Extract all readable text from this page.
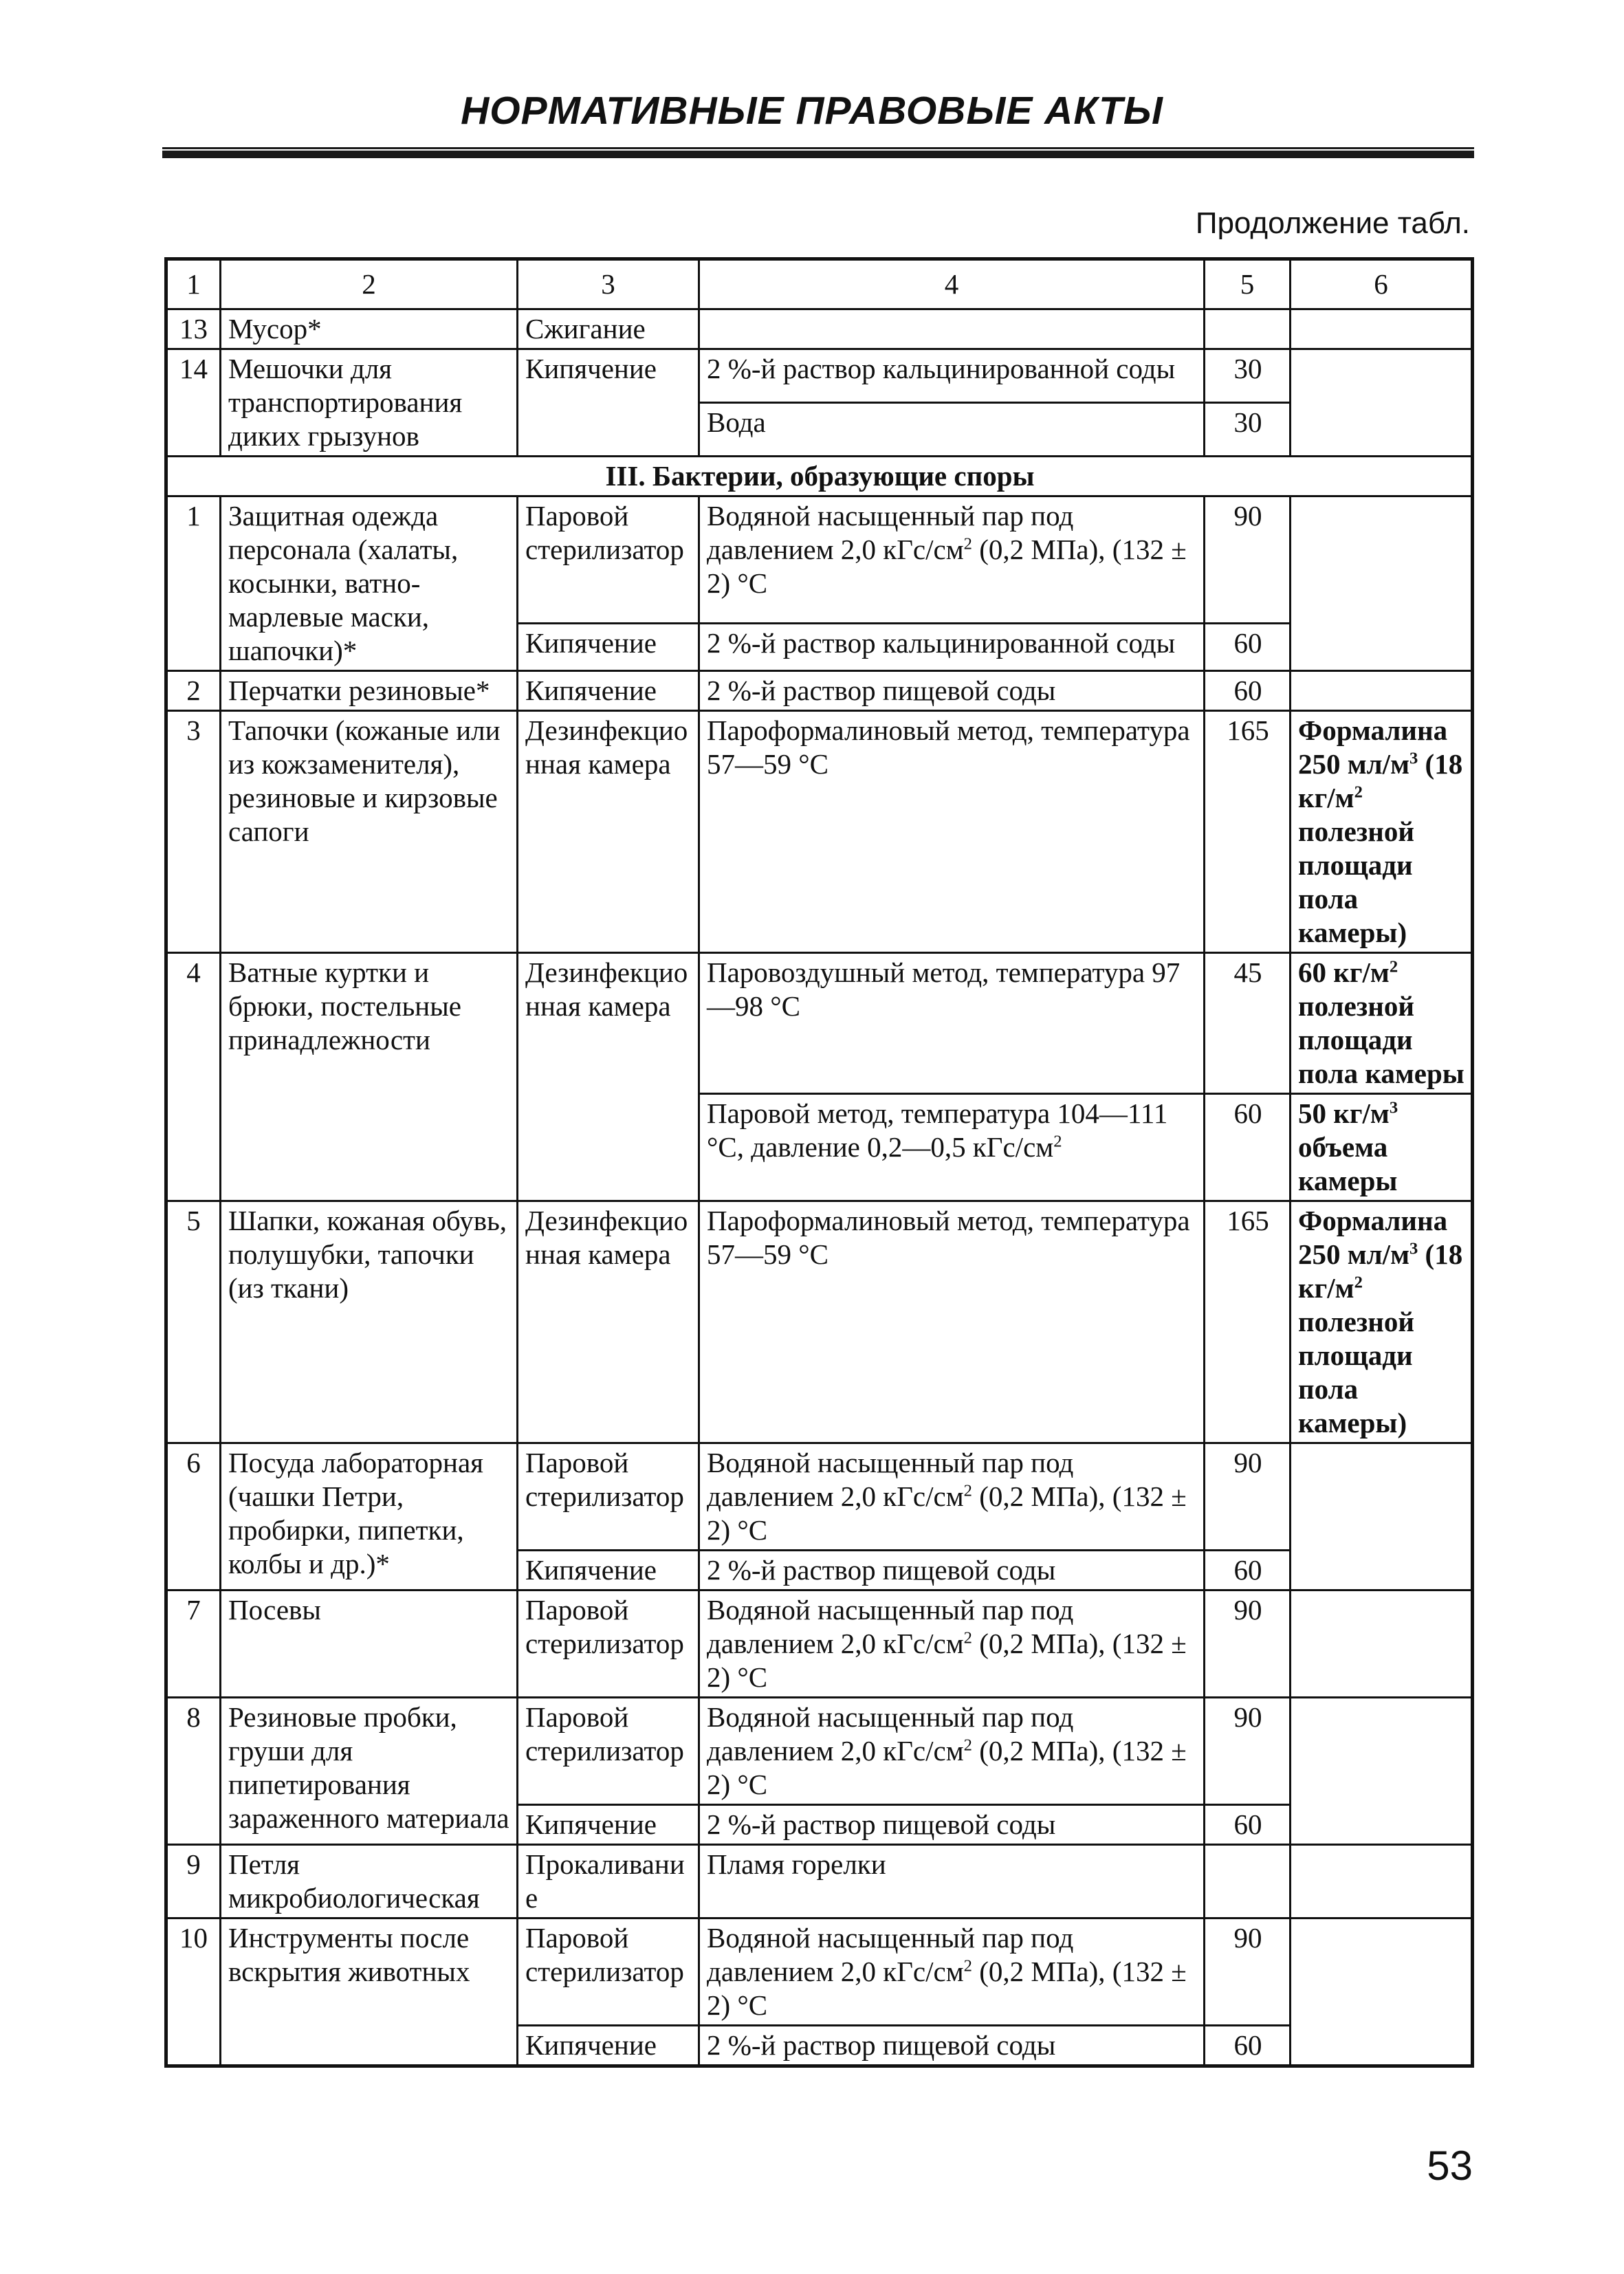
НОРМАТИВНЫЕ ПРАВОВЫЕ АКТЫ
Продолжение табл.
1	2	3	4	5	6
13	Мусор*	Сжигание			
14	Мешочки для транспортирования диких грызунов	Кипячение	2 %-й раствор кальцинированной соды	30	
			Вода	30	
III. Бактерии, образующие споры					
1	Защитная одежда персонала (халаты, косынки, ватно-марлевые маски, шапочки)*	Паровой стерилизатор	Водяной насыщенный пар под давлением 2,0 кГс/$см^2$ (0,2 МПа), (132 ± 2) °С	90	
		Кипячение	2 %-й раствор кальцинированной соды	60	
2	Перчатки резиновые*	Кипячение	2 %-й раствор пищевой соды	60	
3	Тапочки (кожаные или из кожзаменителя), резиновые и кирзовые сапоги	Дезинфекционная камера	Пароформалиновый метод, температура 57—59 °С	165	Формалина 250 $мл/м^3$ (18 $кг/м^2$ полезной площади пола камеры)
4	Ватные куртки и брюки, постельные принадлежности	Дезинфекционная камера	Паровоздушный метод, температура 97—98 °С	45	60 $кг/м^2$ полезной площади пола камеры
			Паровой метод, температура 104—111 °С, давление 0,2—0,5 кГс/$см^2$	60	50 $кг/м^3$ объема камеры
5	Шапки, кожаная обувь, полушубки, тапочки (из ткани)	Дезинфекционная камера	Пароформалиновый метод, температура 57—59 °С	165	Формалина 250 $мл/м^3$ (18 $кг/м^2$ полезной площади пола камеры)
6	Посуда лабораторная (чашки Петри, пробирки, пипетки, колбы и др.)*	Паровой стерилизатор	Водяной насыщенный пар под давлением 2,0 кГс/$см^2$ (0,2 МПа), (132 ± 2) °С	90	
		Кипячение	2 %-й раствор пищевой соды	60	
7	Посевы	Паровой стерилизатор	Водяной насыщенный пар под давлением 2,0 кГс/$см^2$ (0,2 МПа), (132 ± 2) °С	90	
8	Резиновые пробки, груши для пипетирования зараженного материала	Паровой стерилизатор	Водяной насыщенный пар под давлением 2,0 кГс/$см^2$ (0,2 МПа), (132 ± 2) °С	90	
		Кипячение	2 %-й раствор пищевой соды	60	
9	Петля микробиологическая	Прокаливание	Пламя горелки		
10	Инструменты после вскрытия животных	Паровой стерилизатор	Водяной насыщенный пар под давлением 2,0 кГс/$см^2$ (0,2 МПа), (132 ± 2) °С	90	
		Кипячение	2 %-й раствор пищевой соды	60	
53
